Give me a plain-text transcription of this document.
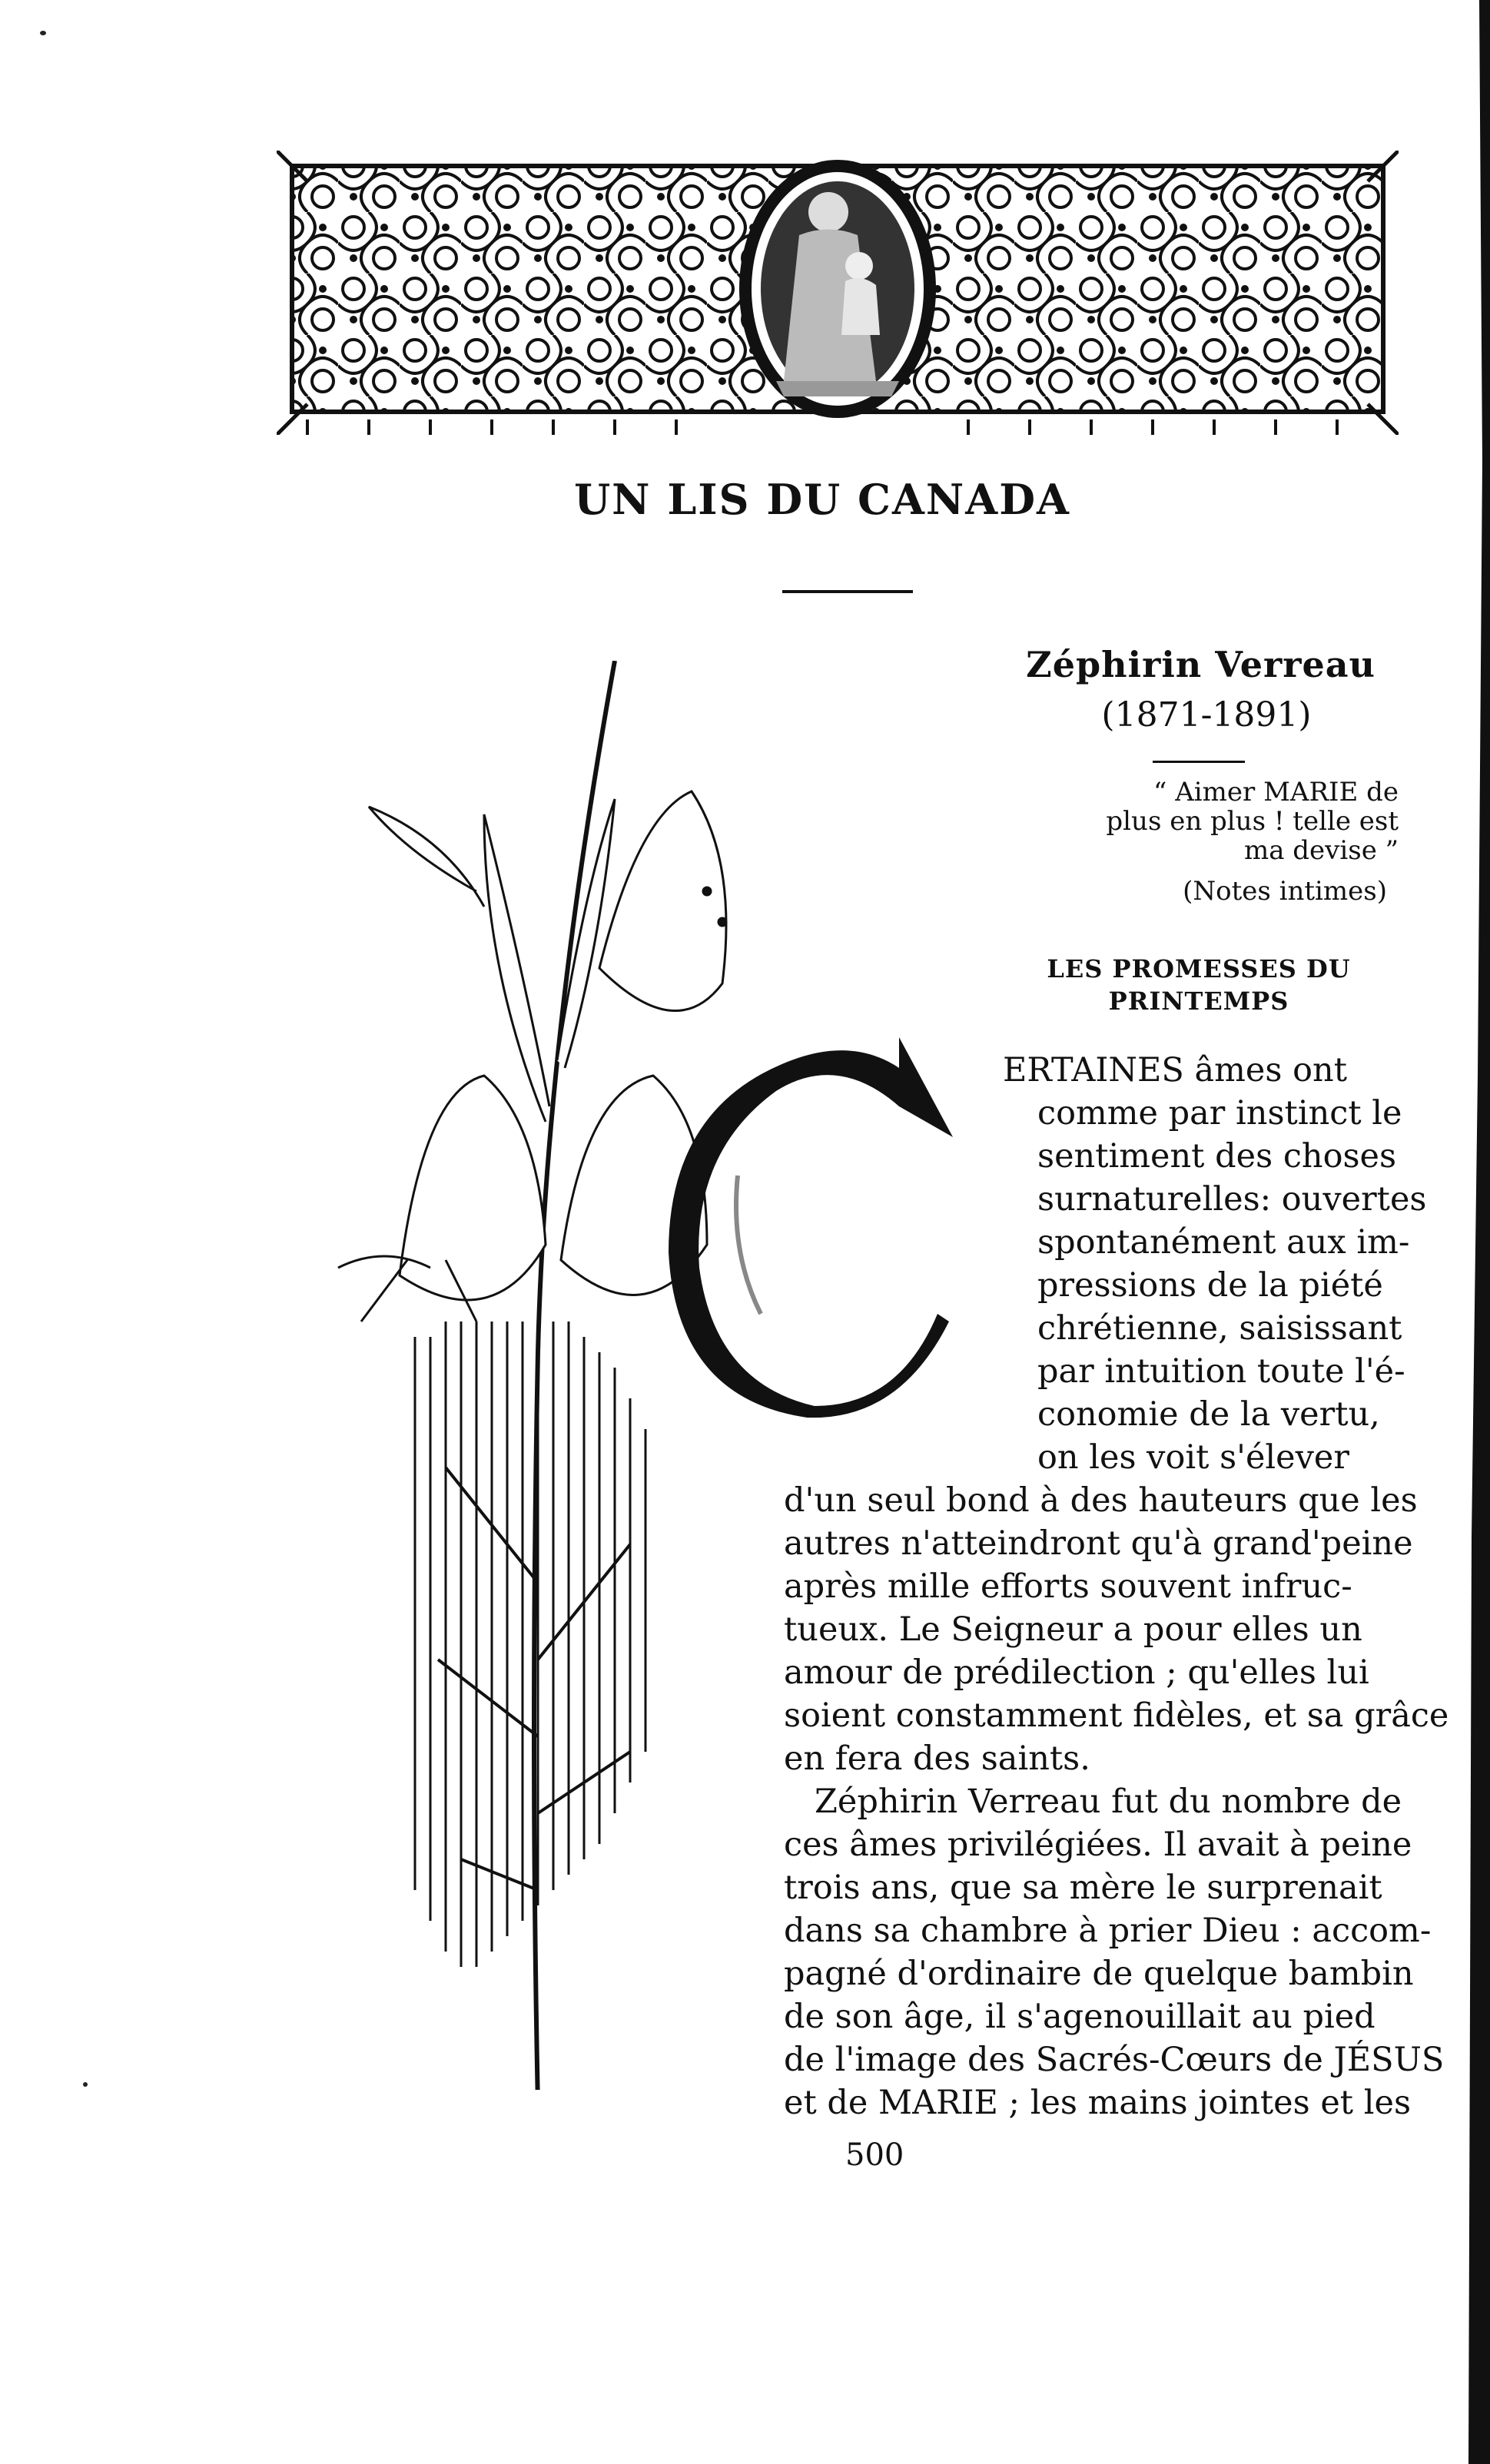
UN LIS DU CANADA
Zéphirin Verreau
(1871-1891)
“ Aimer MARIE de plus en plus ! telle est ma devise ”
(Notes intimes)
LES PROMESSES DU PRINTEMPS
ERTAINES âmes ont
comme par instinct le
sentiment des choses
surnaturelles: ouvertes
spontanément aux im-
pressions de la piété
chrétienne, saisissant
par intuition toute l'é-
conomie de la vertu,
on les voit s'élever
d'un seul bond à des hauteurs que les
autres n'atteindront qu'à grand'peine
après mille efforts souvent infruc-
tueux. Le Seigneur a pour elles un
amour de prédilection ; qu'elles lui
soient constamment fidèles, et sa grâce
en fera des saints.
Zéphirin Verreau fut du nombre de
ces âmes privilégiées. Il avait à peine
trois ans, que sa mère le surprenait
dans sa chambre à prier Dieu : accom-
pagné d'ordinaire de quelque bambin
de son âge, il s'agenouillait au pied
de l'image des Sacrés-Cœurs de JÉSUS
et de MARIE ; les mains jointes et les
500
